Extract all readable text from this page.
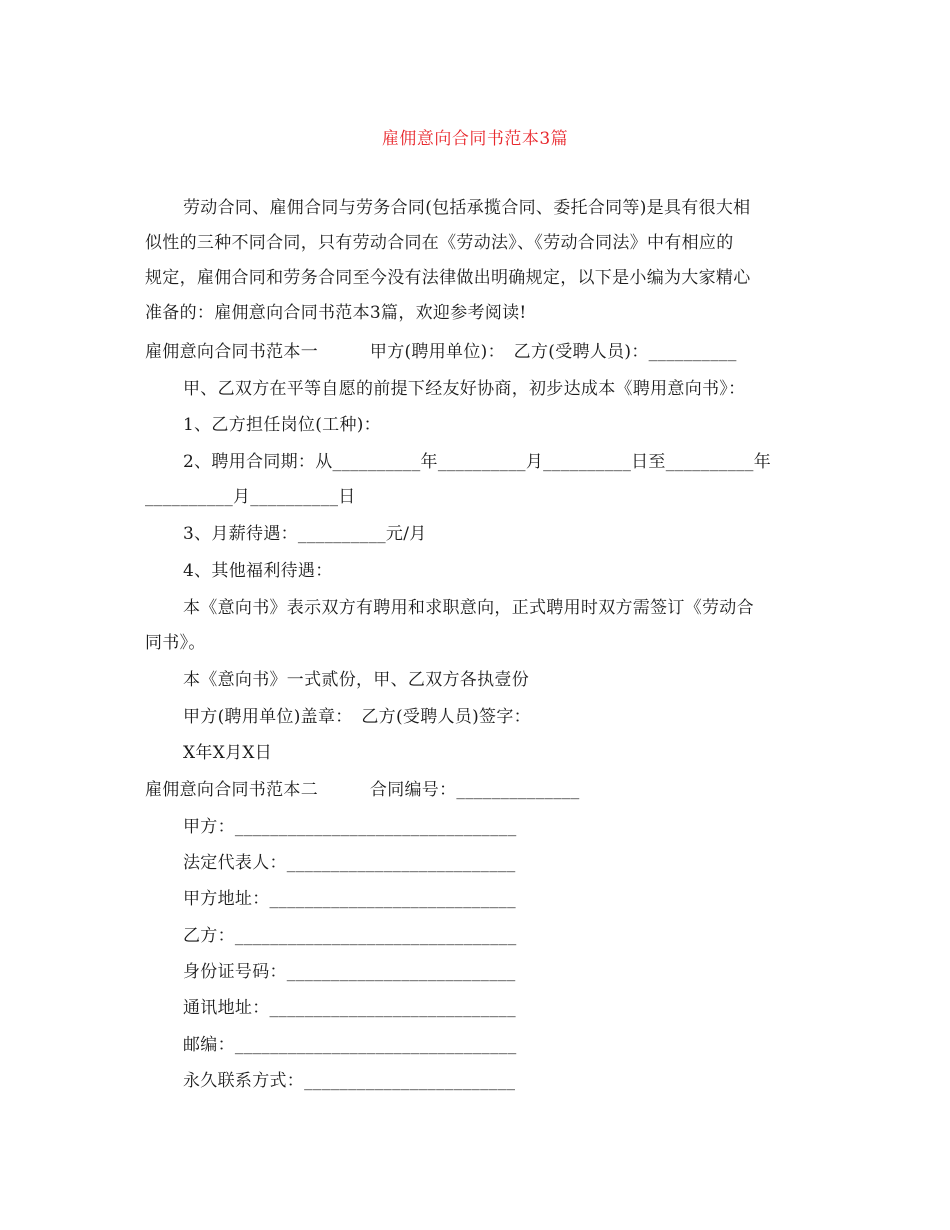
雇佣意向合同书范本3篇
劳动合同、雇佣合同与劳务合同(包括承揽合同、委托合同等)是具有很大相
似性的三种不同合同，只有劳动合同在《劳动法》、《劳动合同法》中有相应的
规定，雇佣合同和劳务合同至今没有法律做出明确规定，以下是小编为大家精心
准备的：雇佣意向合同书范本3篇，欢迎参考阅读!
雇佣意向合同书范本一　　　甲方(聘用单位)：　乙方(受聘人员)：__________
甲、乙双方在平等自愿的前提下经友好协商，初步达成本《聘用意向书》：
1、乙方担任岗位(工种)：
2、聘用合同期：从__________年__________月__________日至__________年
__________月__________日
3、月薪待遇：__________元/月
4、其他福利待遇：
本《意向书》表示双方有聘用和求职意向，正式聘用时双方需签订《劳动合
同书》。
本《意向书》一式贰份，甲、乙双方各执壹份
甲方(聘用单位)盖章：　乙方(受聘人员)签字：
X年X月X日
雇佣意向合同书范本二　　　合同编号：______________
甲方：________________________________
法定代表人：__________________________
甲方地址：____________________________
乙方：________________________________
身份证号码：__________________________
通讯地址：____________________________
邮编：________________________________
永久联系方式：________________________
